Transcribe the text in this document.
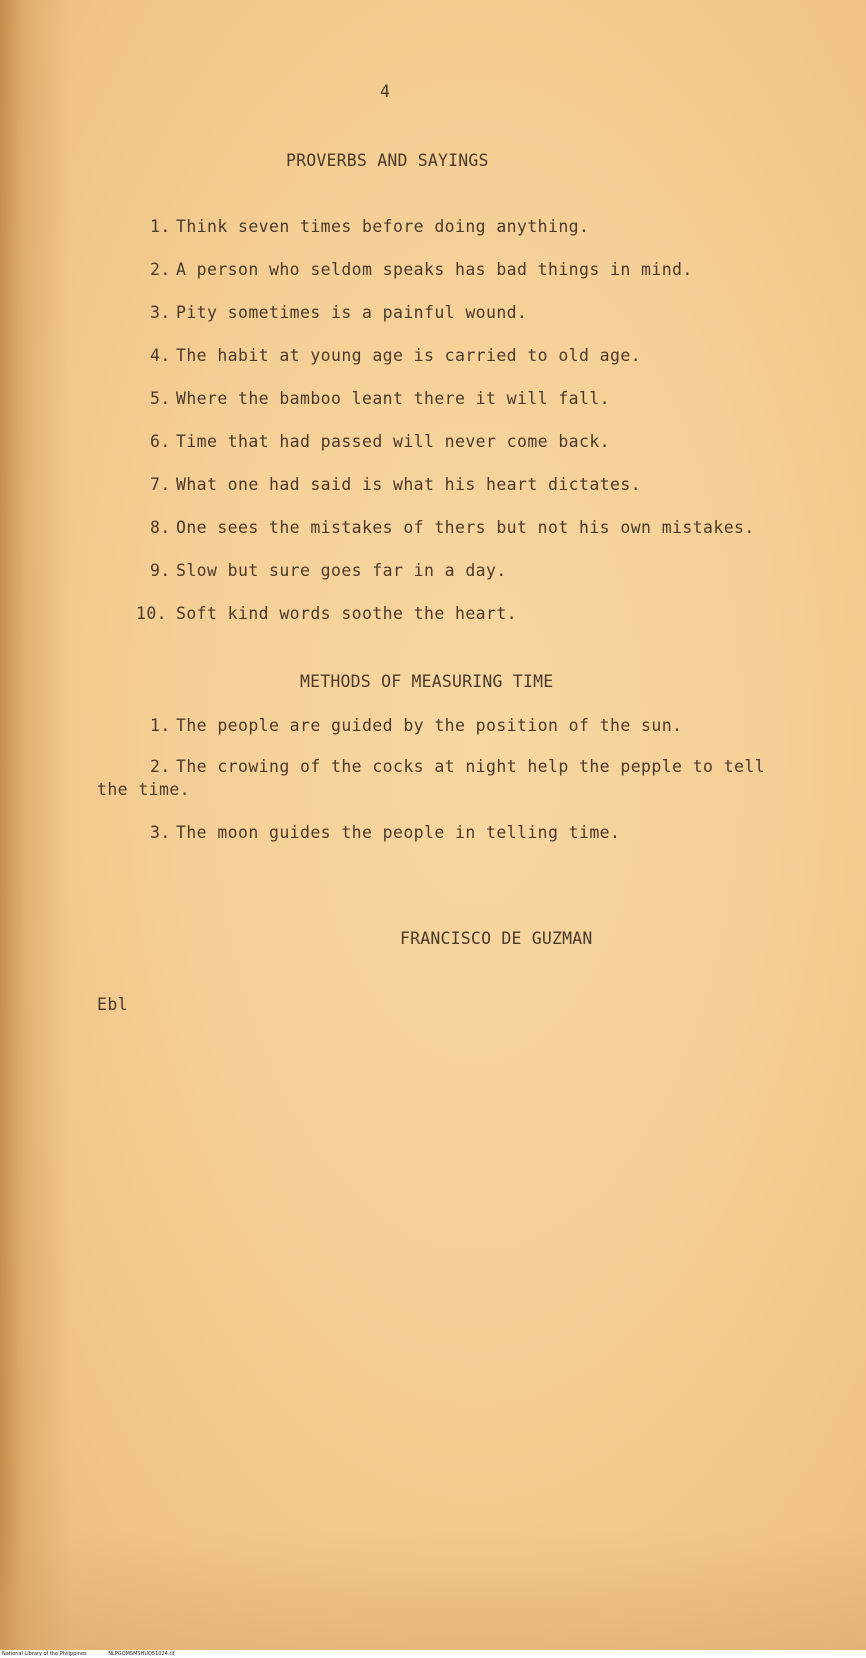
4
PROVERBS AND SAYINGS
1. Think seven times before doing anything.
2. A person who seldom speaks has bad things in mind.
3. Pity sometimes is a painful wound.
4. The habit at young age is carried to old age.
5. Where the bamboo leant there it will fall.
6. Time that had passed will never come back.
7. What one had said is what his heart dictates.
8. One sees the mistakes of thers but not his own mistakes.
9. Slow but sure goes far in a day.
10. Soft kind words soothe the heart.
METHODS OF MEASURING TIME
1. The people are guided by the position of the sun.
2. The crowing of the cocks at night help the pepple to tell
the time.
3. The moon guides the people in telling time.
FRANCISCO DE GUZMAN
Ebl
National Library of the Philippines	NLPGOMSMSHUQ51024.tif
